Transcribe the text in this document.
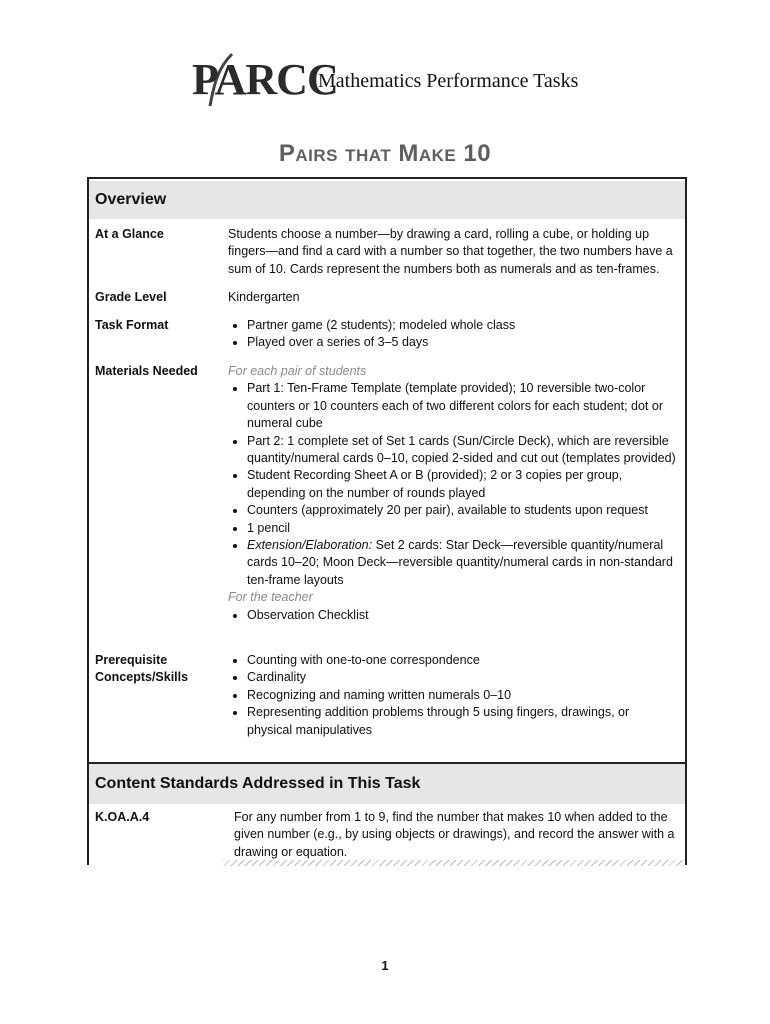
PARCC
Mathematics Performance Tasks
Pairs that Make 10
Overview
At a Glance	Students choose a number—by drawing a card, rolling a cube, or holding up fingers—and find a card with a number so that together, the two numbers have a sum of 10. Cards represent the numbers both as numerals and as ten-frames.
Grade Level	Kindergarten
Task Format
•	Partner game (2 students); modeled whole class
• Played over a series of 3–5 days
Materials Needed	For each pair of students
• Part 1: Ten-Frame Template (template provided); 10 reversible two-color counters or 10 counters each of two different colors for each student; dot or numeral cube
• Part 2: 1 complete set of Set 1 cards (Sun/Circle Deck), which are reversible quantity/numeral cards 0–10, copied 2-sided and cut out (templates provided)
• Student Recording Sheet A or B (provided); 2 or 3 copies per group, depending on the number of rounds played
• Counters (approximately 20 per pair), available to students upon request
• 1 pencil
• Extension/Elaboration: Set 2 cards: Star Deck—reversible quantity/numeral cards 10–20; Moon Deck—reversible quantity/numeral cards in non-standard ten-frame layouts
For the teacher
• Observation Checklist
Prerequisite Concepts/Skills
• Counting with one-to-one correspondence
• Cardinality
• Recognizing and naming written numerals 0–10
• Representing addition problems through 5 using fingers, drawings, or physical manipulatives
Content Standards Addressed in This Task
K.OA.A.4	For any number from 1 to 9, find the number that makes 10 when added to the given number (e.g., by using objects or drawings), and record the answer with a drawing or equation.
1
